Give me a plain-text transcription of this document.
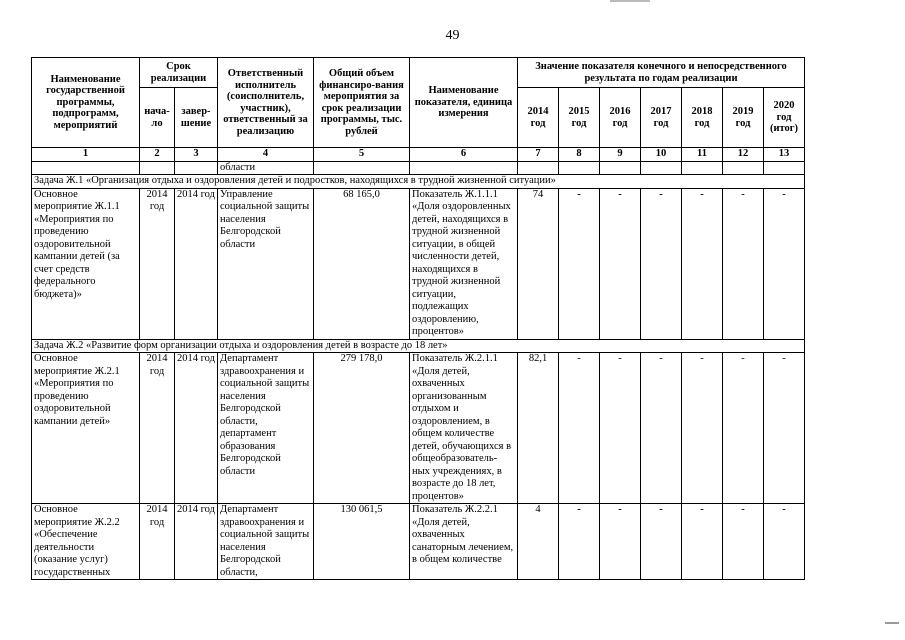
49
Наименование государственной программы, подпрограмм, мероприятий	Срок реализации		Ответственный исполнитель (соисполнитель, участник), ответственный за реализацию	Общий объем финансиро-вания мероприятия за срок реализации программы, тыс. рублей	Наименование показателя, единица измерения	Значение показателя конечного и непосредственного результата по годам реализации						
	нача-ло	завер-шение				2014 год	2015 год	2016 год	2017 год	2018 год	2019 год	2020 год (итог)
1	2	3	4	5	6	7	8	9	10	11	12	13
			области									
Задача Ж.1 «Организация отдыха и оздоровления детей и подростков, находящихся в трудной жизненной ситуации»												
Основное мероприятие Ж.1.1 «Мероприятия по проведению оздоровительной кампании детей (за счет средств федерального бюджета)»	2014 год	2014 год	Управление социальной защиты населения Белгородской области	68 165,0	Показатель Ж.1.1.1 «Доля оздоровленных детей, находящихся в трудной жизненной ситуации, в общей численности детей, находящихся в трудной жизненной ситуации, подлежащих оздоровлению, процентов»	74	-	-	-	-	-	-
Задача Ж.2 «Развитие форм организации отдыха и оздоровления детей в возрасте до 18 лет»												
Основное мероприятие Ж.2.1 «Мероприятия по проведению оздоровительной кампании детей»	2014 год	2014 год	Департамент здравоохранения и социальной защиты населения Белгородской области, департамент образования Белгородской области	279 178,0	Показатель Ж.2.1.1 «Доля детей, охваченных организованным отдыхом и оздоровлением, в общем количестве детей, обучающихся в общеобразователь-ных учреждениях, в возрасте до 18 лет, процентов»	82,1	-	-	-	-	-	-
Основное мероприятие Ж.2.2 «Обеспечение деятельности (оказание услуг) государственных	2014 год	2014 год	Департамент здравоохранения и социальной защиты населения Белгородской области,	130 061,5	Показатель Ж.2.2.1 «Доля детей, охваченных санаторным лечением, в общем количестве	4	-	-	-	-	-	-
